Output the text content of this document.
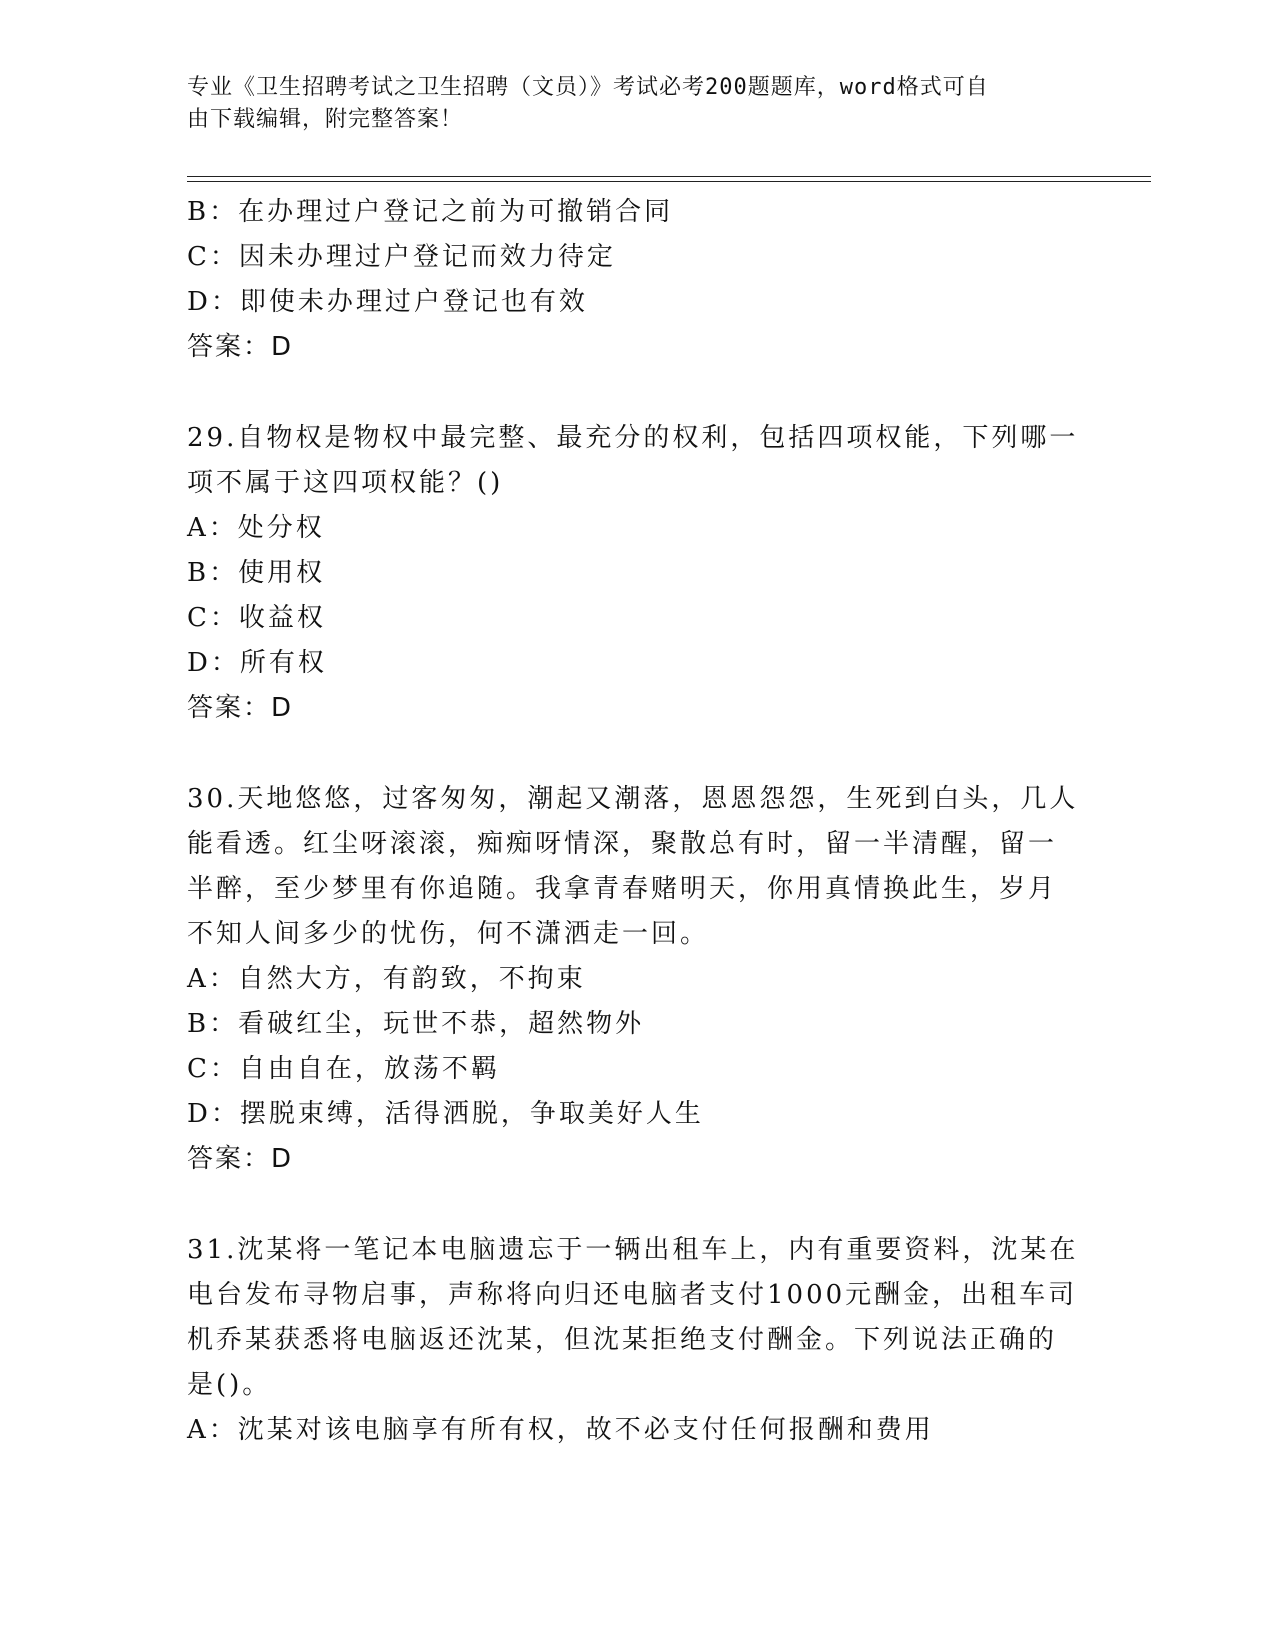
专业《卫生招聘考试之卫生招聘（文员）》考试必考200题题库，word格式可自
由下载编辑，附完整答案！
B：在办理过户登记之前为可撤销合同
C：因未办理过户登记而效力待定
D：即使未办理过户登记也有效
答案：D
29.自物权是物权中最完整、最充分的权利，包括四项权能，下列哪一
项不属于这四项权能？()
A：处分权
B：使用权
C：收益权
D：所有权
答案：D
30.天地悠悠，过客匆匆，潮起又潮落，恩恩怨怨，生死到白头，几人
能看透。红尘呀滚滚，痴痴呀情深，聚散总有时，留一半清醒，留一
半醉，至少梦里有你追随。我拿青春赌明天，你用真情换此生，岁月
不知人间多少的忧伤，何不潇洒走一回。
A：自然大方，有韵致，不拘束
B：看破红尘，玩世不恭，超然物外
C：自由自在，放荡不羁
D：摆脱束缚，活得洒脱，争取美好人生
答案：D
31.沈某将一笔记本电脑遗忘于一辆出租车上，内有重要资料，沈某在
电台发布寻物启事，声称将向归还电脑者支付1000元酬金，出租车司
机乔某获悉将电脑返还沈某，但沈某拒绝支付酬金。下列说法正确的
是()。
A：沈某对该电脑享有所有权，故不必支付任何报酬和费用
